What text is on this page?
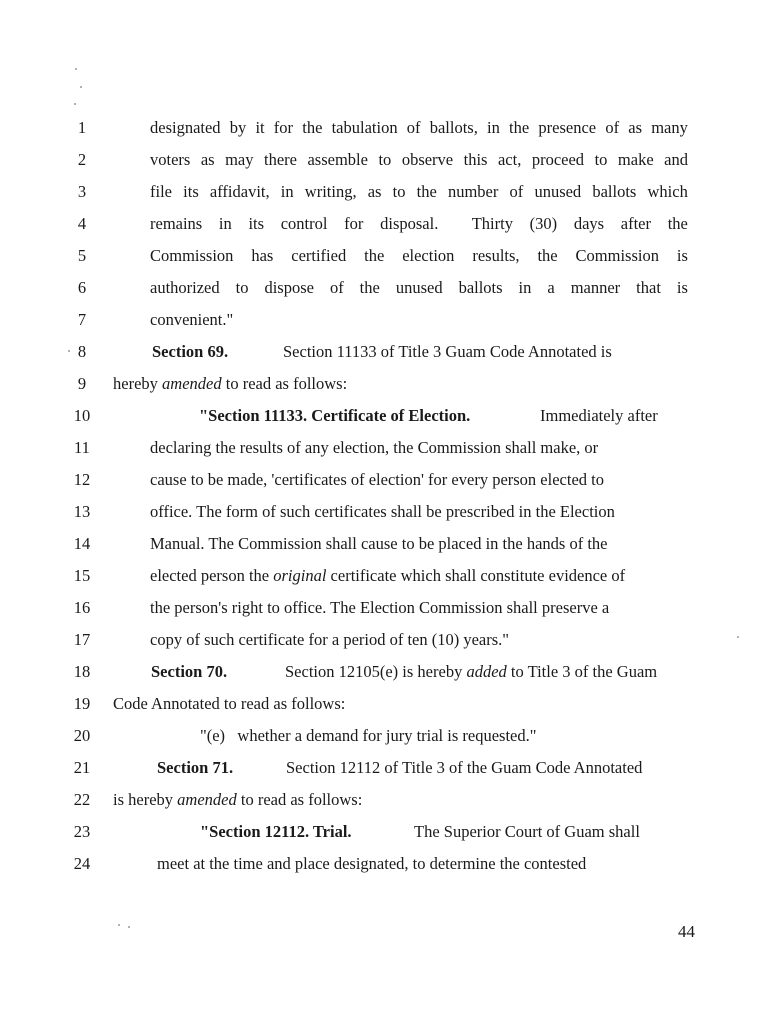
1	designated by it for the tabulation of ballots, in the presence of as many
2	voters as may there assemble to observe this act, proceed to make and
3	file its affidavit, in writing, as to the number of unused ballots which
4	remains in its control for disposal. Thirty (30) days after the
5	Commission has certified the election results, the Commission is
6	authorized to dispose of the unused ballots in a manner that is
7	convenient."
8	Section 69.	Section 11133 of Title 3 Guam Code Annotated is
9	hereby amended to read as follows:
10	"Section 11133. Certificate of Election.	Immediately after
11	declaring the results of any election, the Commission shall make, or
12	cause to be made, 'certificates of election' for every person elected to
13	office. The form of such certificates shall be prescribed in the Election
14	Manual. The Commission shall cause to be placed in the hands of the
15	elected person the original certificate which shall constitute evidence of
16	the person's right to office. The Election Commission shall preserve a
17	copy of such certificate for a period of ten (10) years."
18	Section 70.	Section 12105(e) is hereby added to Title 3 of the Guam
19	Code Annotated to read as follows:
20	"(e)   whether a demand for jury trial is requested."
21	Section 71.	Section 12112 of Title 3 of the Guam Code Annotated
22	is hereby amended to read as follows:
23	"Section 12112. Trial.	The Superior Court of Guam shall
24	meet at the time and place designated, to determine the contested
44
